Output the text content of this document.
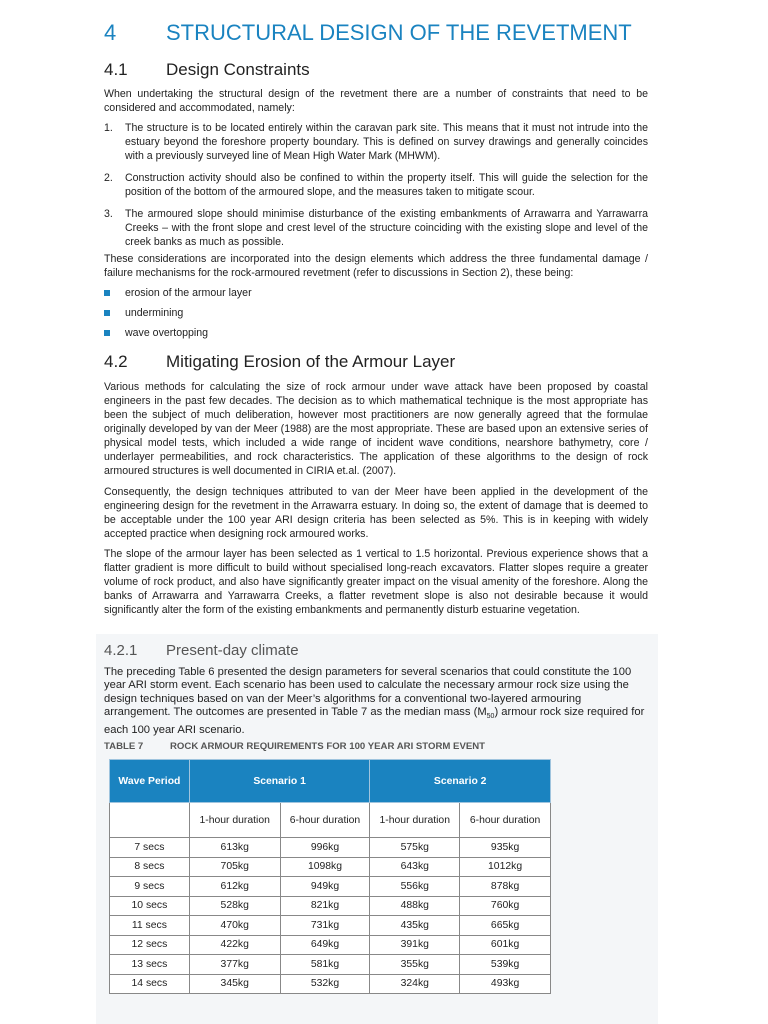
4 STRUCTURAL DESIGN OF THE REVETMENT
4.1 Design Constraints

When undertaking the structural design of the revetment there are a number of constraints that need to be considered and accommodated, namely:

1. The structure is to be located entirely within the caravan park site. This means that it must not intrude into the estuary beyond the foreshore property boundary. This is defined on survey drawings and generally coincides with a previously surveyed line of Mean High Water Mark (MHWM).
2. Construction activity should also be confined to within the property itself. This will guide the selection for the position of the bottom of the armoured slope, and the measures taken to mitigate scour.
3. The armoured slope should minimise disturbance of the existing embankments of Arrawarra and Yarrawarra Creeks – with the front slope and crest level of the structure coinciding with the existing slope and level of the creek banks as much as possible.

These considerations are incorporated into the design elements which address the three fundamental damage / failure mechanisms for the rock-armoured revetment (refer to discussions in Section 2), these being:

erosion of the armour layer
undermining
wave overtopping
4.2 Mitigating Erosion of the Armour Layer

Various methods for calculating the size of rock armour under wave attack have been proposed by coastal engineers in the past few decades. The decision as to which mathematical technique is the most appropriate has been the subject of much deliberation, however most practitioners are now generally agreed that the formulae originally developed by van der Meer (1988) are the most appropriate. These are based upon an extensive series of physical model tests, which included a wide range of incident wave conditions, nearshore bathymetry, core / underlayer permeabilities, and rock characteristics. The application of these algorithms to the design of rock armoured structures is well documented in CIRIA et.al. (2007).

Consequently, the design techniques attributed to van der Meer have been applied in the development of the engineering design for the revetment in the Arrawarra estuary. In doing so, the extent of damage that is deemed to be acceptable under the 100 year ARI design criteria has been selected as 5%. This is in keeping with widely accepted practice when designing rock armoured works.

The slope of the armour layer has been selected as 1 vertical to 1.5 horizontal. Previous experience shows that a flatter gradient is more difficult to build without specialised long-reach excavators. Flatter slopes require a greater volume of rock product, and also have significantly greater impact on the visual amenity of the foreshore. Along the banks of Arrawarra and Yarrawarra Creeks, a flatter revetment slope is also not desirable because it would significantly alter the form of the existing embankments and permanently disturb estuarine vegetation.

4.2.1 Present-day climate

The preceding Table 6 presented the design parameters for several scenarios that could constitute the 100 year ARI storm event. Each scenario has been used to calculate the necessary armour rock size using the design techniques based on van der Meer’s algorithms for a conventional two-layered armouring arrangement. The outcomes are presented in Table 7 as the median mass $(M_{50})$ armour rock size required for each 100 year ARI scenario.

TABLE 7	ROCK ARMOUR REQUIREMENTS FOR 100 YEAR ARI STORM EVENT
Wave Period	Scenario 1		Scenario 2	
	1-hour duration	6-hour duration	1-hour duration	6-hour duration
7 secs	613kg	996kg	575kg	935kg
8 secs	705kg	1098kg	643kg	1012kg
9 secs	612kg	949kg	556kg	878kg
10 secs	528kg	821kg	488kg	760kg
11 secs	470kg	731kg	435kg	665kg
12 secs	422kg	649kg	391kg	601kg
13 secs	377kg	581kg	355kg	539kg
14 secs	345kg	532kg	324kg	493kg
